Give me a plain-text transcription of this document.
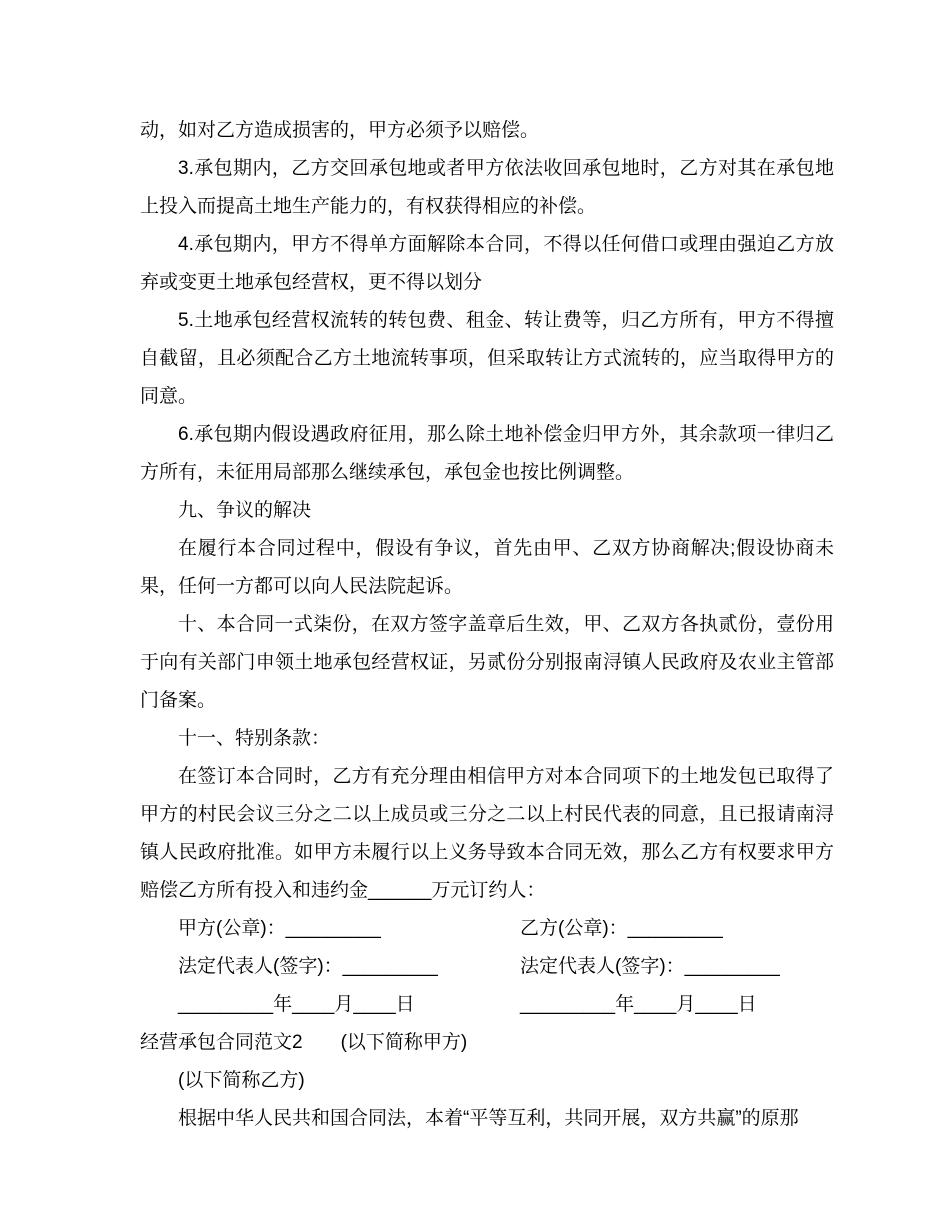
动，如对乙方造成损害的，甲方必须予以赔偿。

3.承包期内，乙方交回承包地或者甲方依法收回承包地时，乙方对其在承包地上投入而提高土地生产能力的，有权获得相应的补偿。

4.承包期内，甲方不得单方面解除本合同，不得以任何借口或理由强迫乙方放弃或变更土地承包经营权，更不得以划分

5.土地承包经营权流转的转包费、租金、转让费等，归乙方所有，甲方不得擅自截留，且必须配合乙方土地流转事项，但采取转让方式流转的，应当取得甲方的同意。

6.承包期内假设遇政府征用，那么除土地补偿金归甲方外，其余款项一律归乙方所有，未征用局部那么继续承包，承包金也按比例调整。

九、争议的解决

在履行本合同过程中，假设有争议，首先由甲、乙双方协商解决;假设协商未果，任何一方都可以向人民法院起诉。

十、本合同一式柒份，在双方签字盖章后生效，甲、乙双方各执贰份，壹份用于向有关部门申领土地承包经营权证，另贰份分别报南浔镇人民政府及农业主管部门备案。

十一、特别条款：

在签订本合同时，乙方有充分理由相信甲方对本合同项下的土地发包已取得了甲方的村民会议三分之二以上成员或三分之二以上村民代表的同意，且已报请南浔镇人民政府批准。如甲方未履行以上义务导致本合同无效，那么乙方有权要求甲方赔偿乙方所有投入和违约金______万元订约人：

甲方(公章)：_________	乙方(公章)：_________
法定代表人(签字)：_________	法定代表人(签字)：_________
_________年____月____日	_________年____月____日

经营承包合同范文2　　(以下简称甲方)

(以下简称乙方)

根据中华人民共和国合同法，本着“平等互利，共同开展，双方共赢”的原那
